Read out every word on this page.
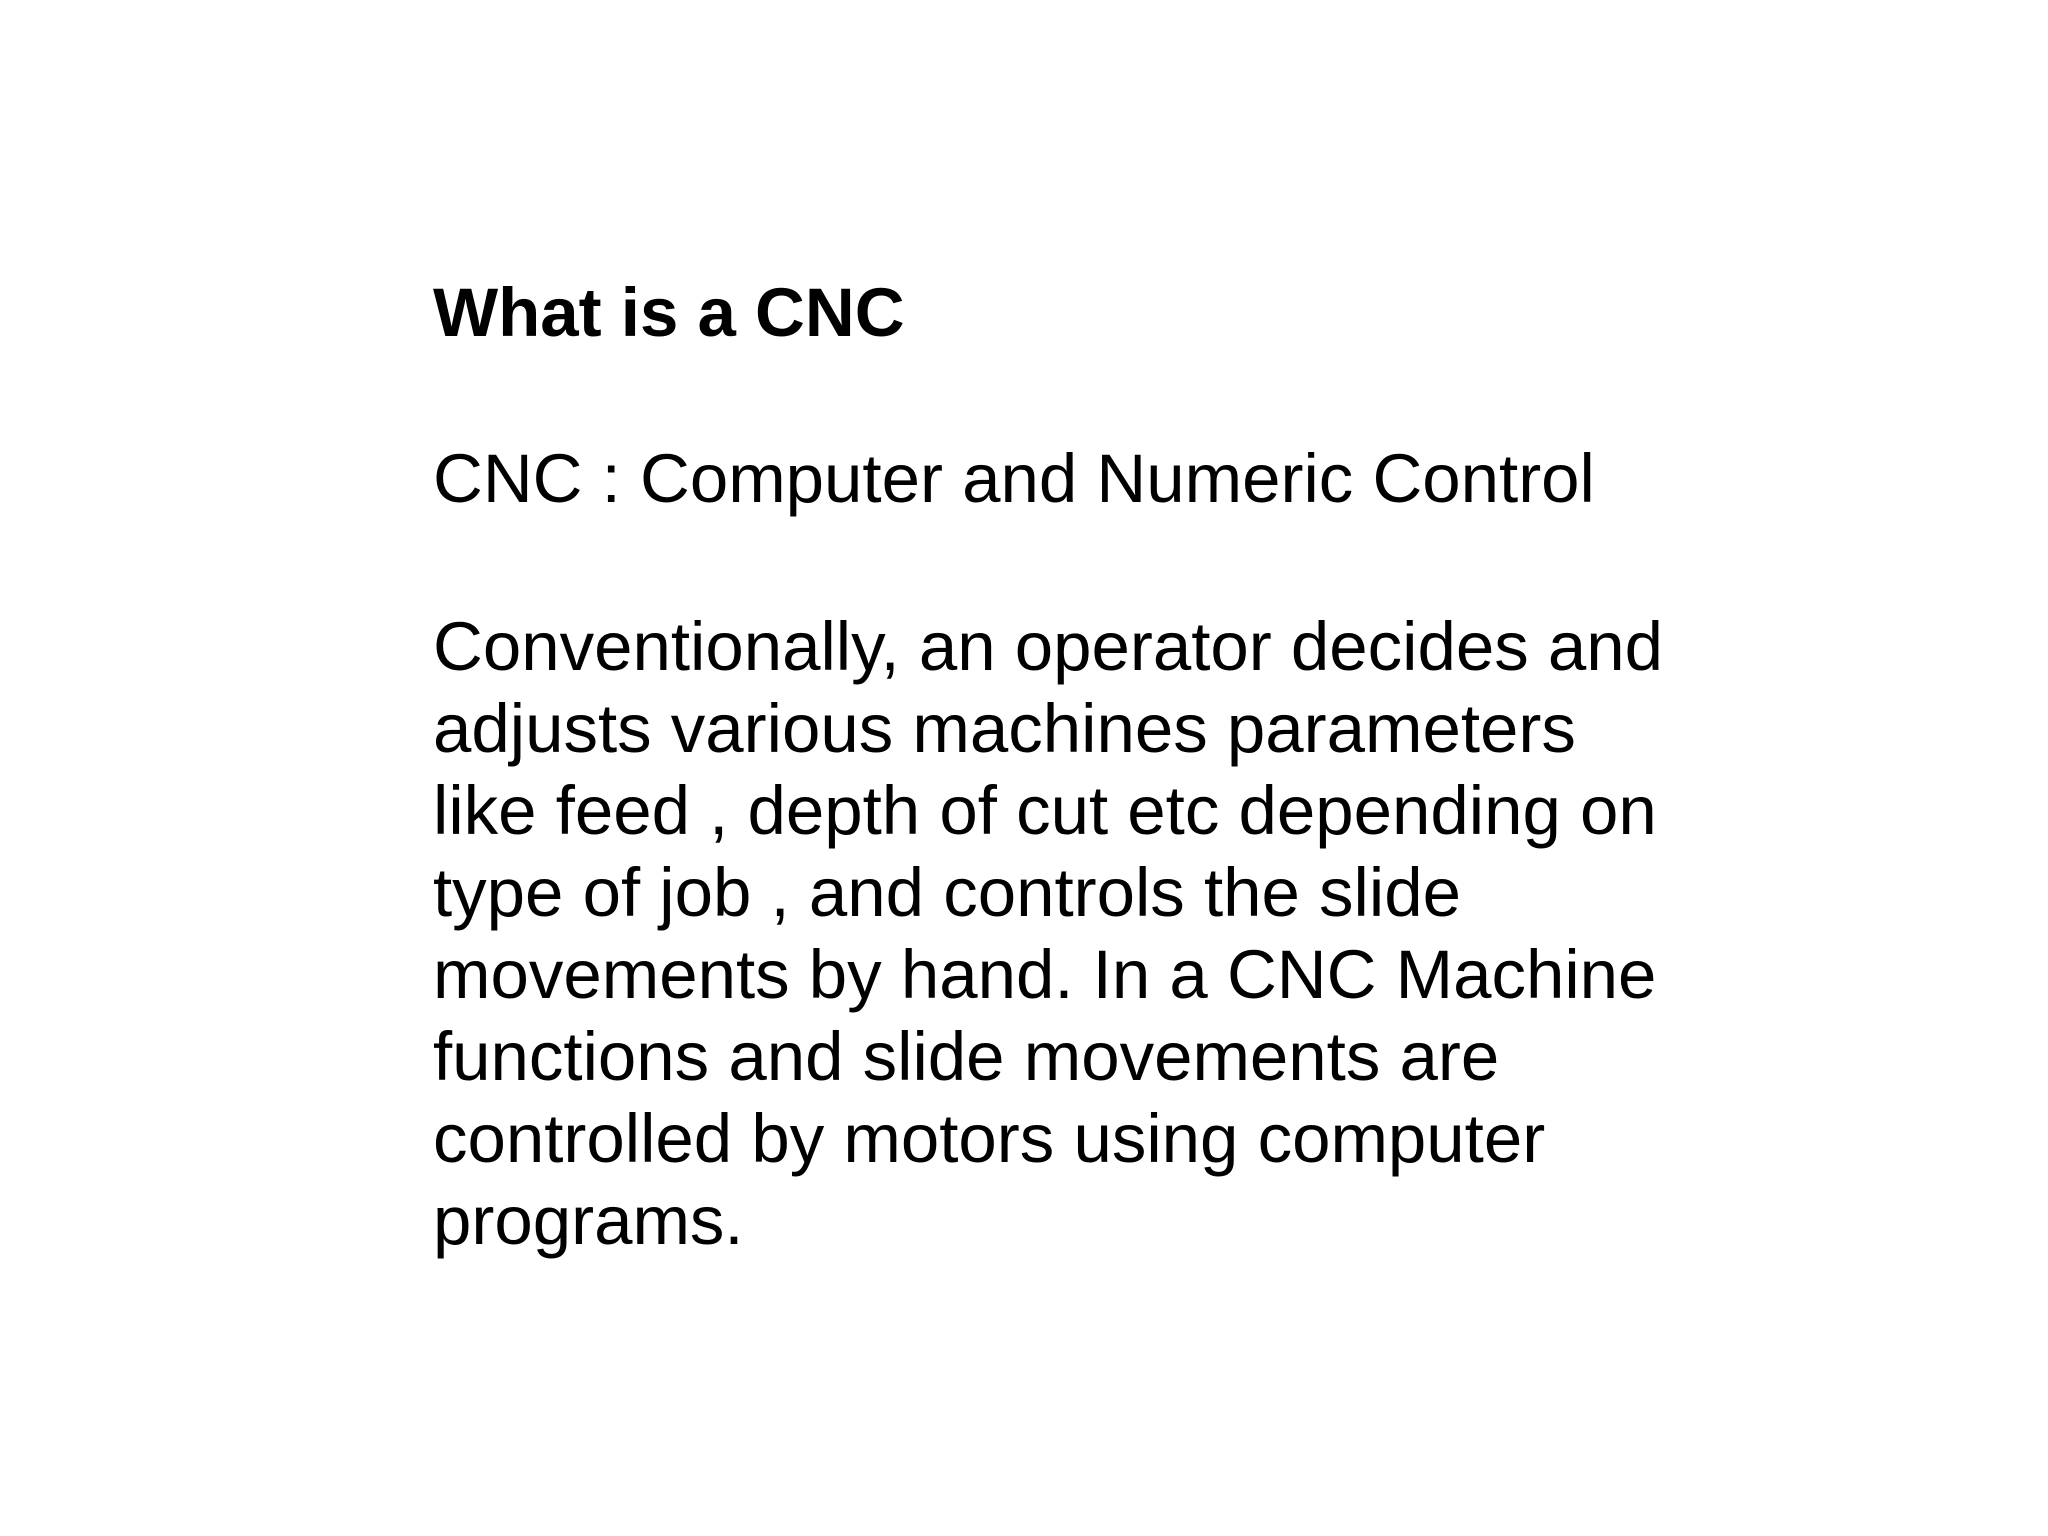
What is a CNC

CNC : Computer and Numeric Control

Conventionally, an operator decides and

adjusts various machines parameters

like feed , depth of cut etc depending on

type of job , and controls the slide

movements by hand. In a CNC Machine

functions and slide movements are

controlled by motors using computer

programs.
